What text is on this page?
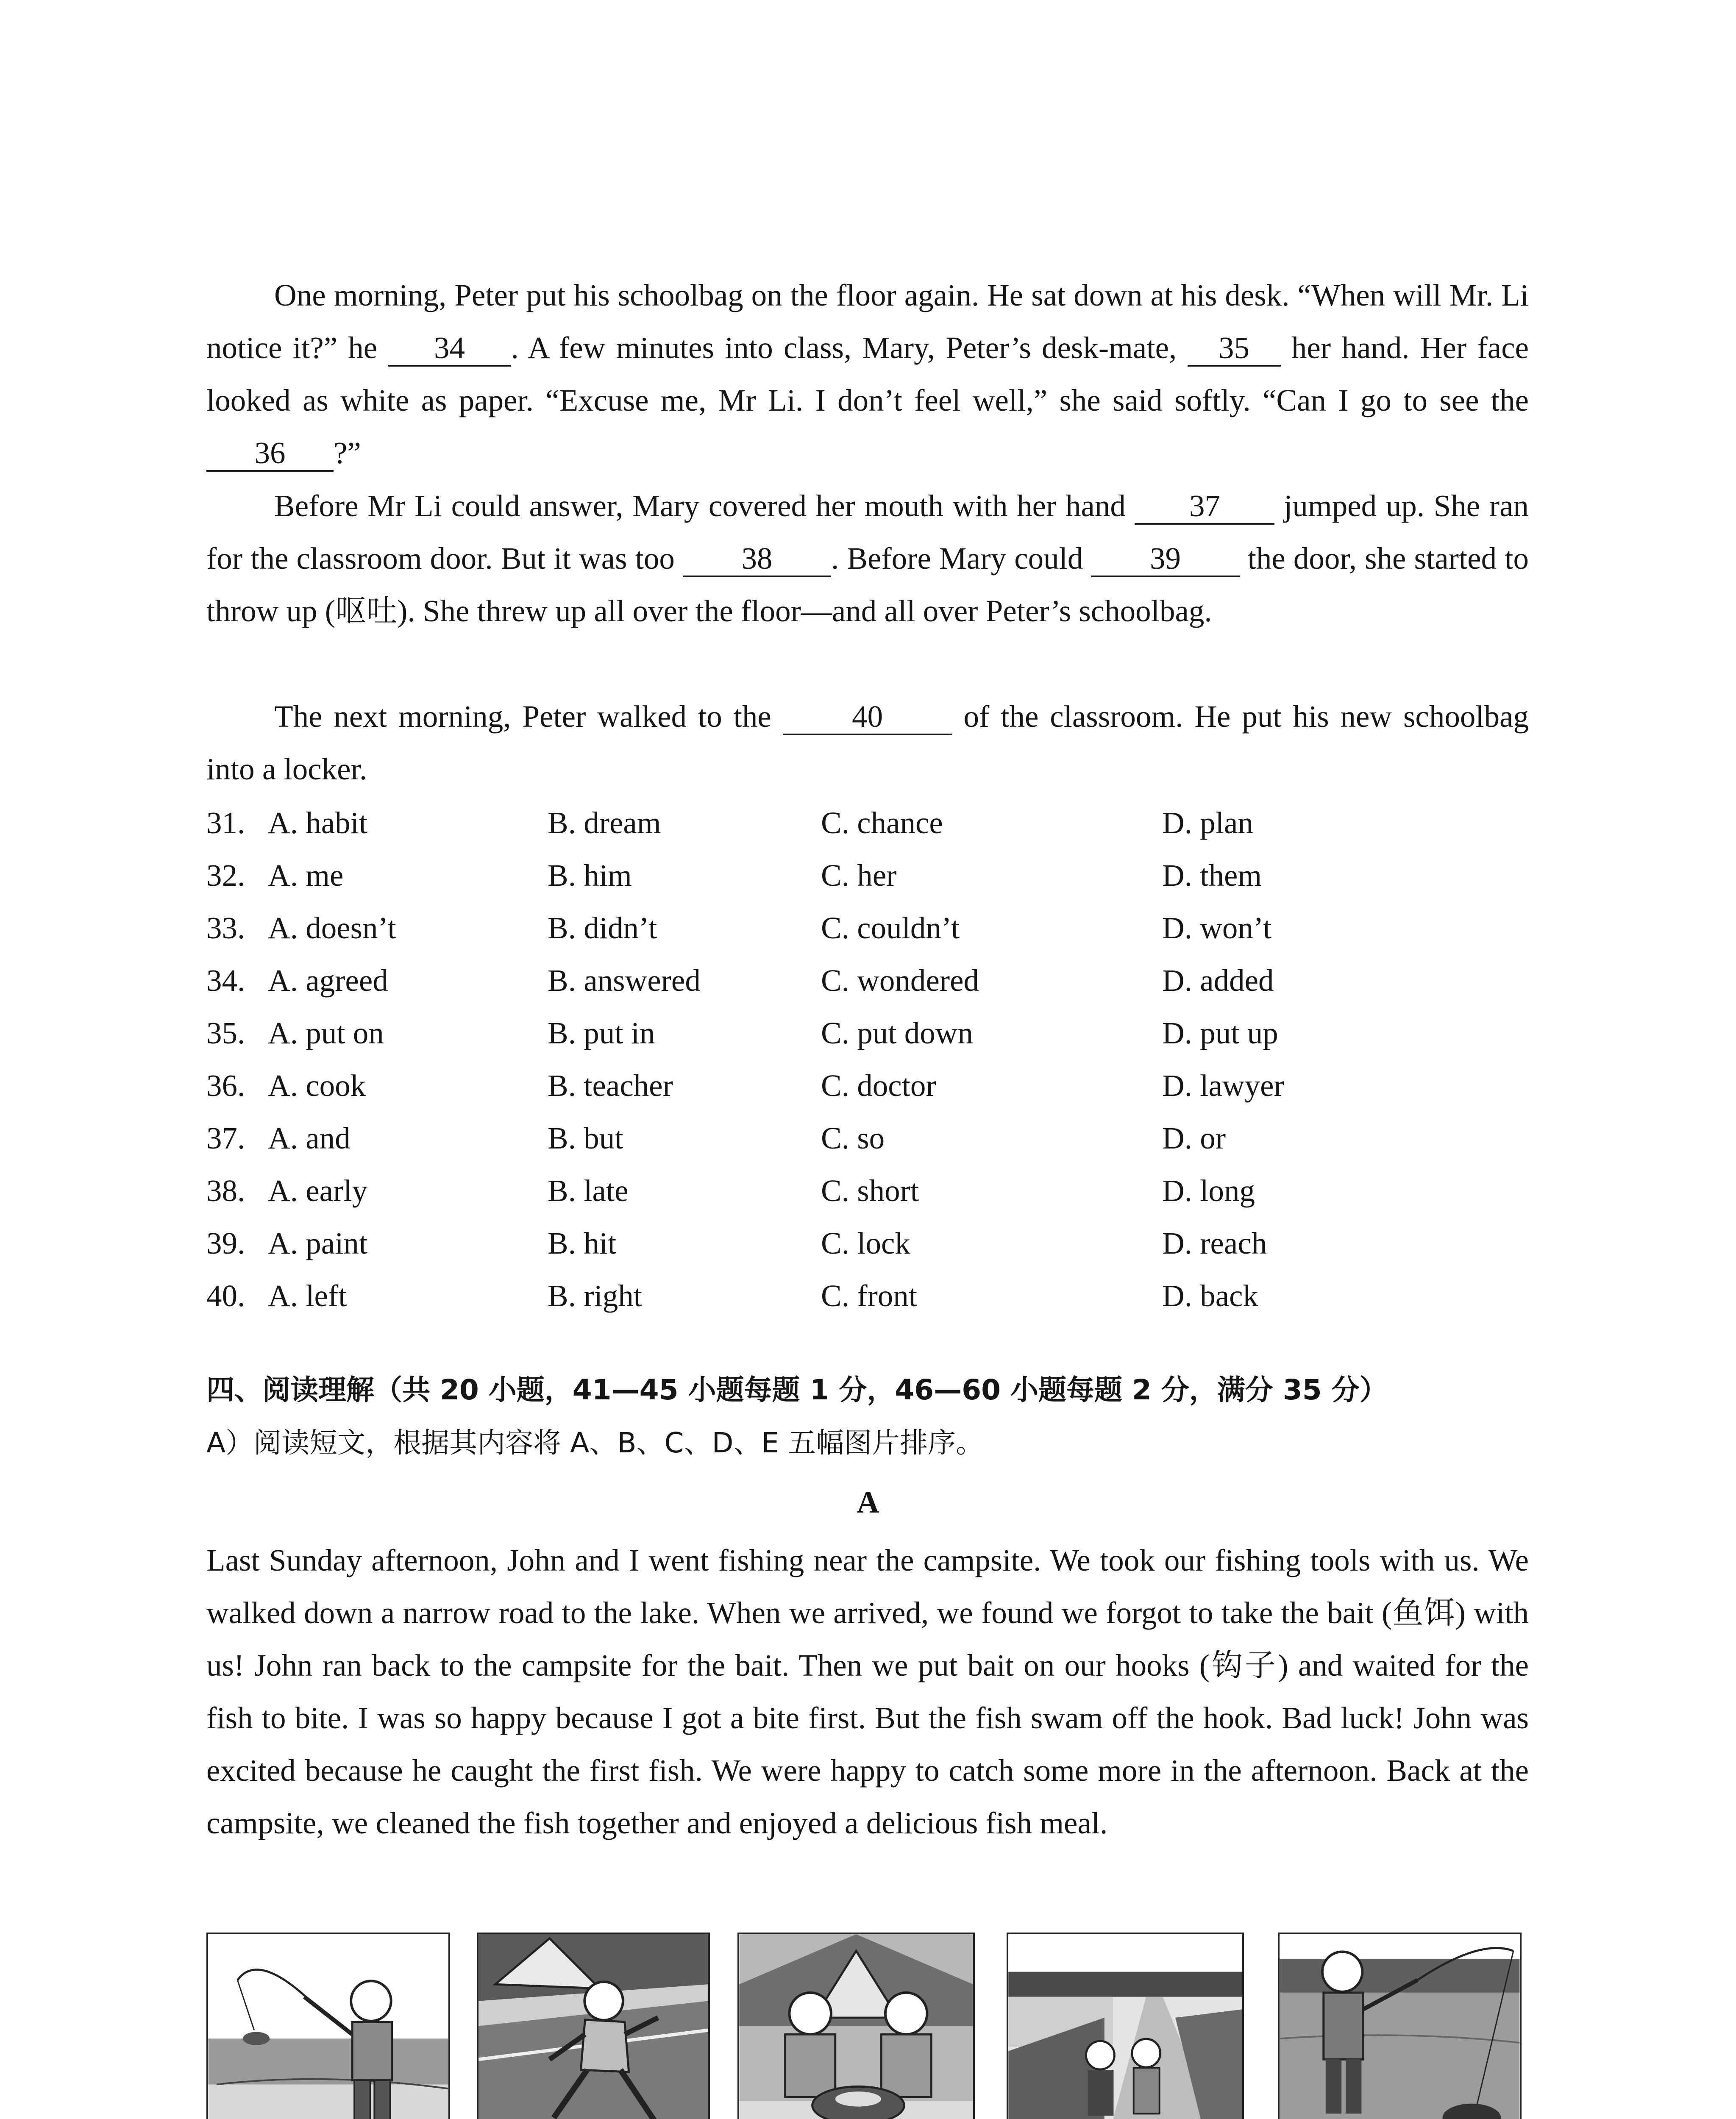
One morning, Peter put his schoolbag on the floor again. He sat down at his desk. “When will Mr. Li notice it?” he 34 . A few minutes into class, Mary, Peter’s desk-mate, 35 her hand. Her face looked as white as paper. “Excuse me, Mr Li. I don’t feel well,” she said softly. “Can I go to see the 36 ?”

Before Mr Li could answer, Mary covered her mouth with her hand 37 jumped up. She ran for the classroom door. But it was too 38 . Before Mary could 39 the door, she started to throw up (呕吐). She threw up all over the floor—and all over Peter’s schoolbag.

The next morning, Peter walked to the 40 of the classroom. He put his new schoolbag into a locker.

31. A. habit	B. dream	C. chance	D. plan
32. A. me	B. him	C. her	D. them
33. A. doesn’t	B. didn’t	C. couldn’t	D. won’t
34. A. agreed	B. answered	C. wondered	D. added
35. A. put on	B. put in	C. put down	D. put up
36. A. cook	B. teacher	C. doctor	D. lawyer
37. A. and	B. but	C. so	D. or
38. A. early	B. late	C. short	D. long
39. A. paint	B. hit	C. lock	D. reach
40. A. left	B. right	C. front	D. back
四、阅读理解（共 20 小题，41—45 小题每题 1 分，46—60 小题每题 2 分，满分 35 分）
A）阅读短文，根据其内容将 A、B、C、D、E 五幅图片排序。
A

Last Sunday afternoon, John and I went fishing near the campsite. We took our fishing tools with us. We walked down a narrow road to the lake. When we arrived, we found we forgot to take the bait (鱼饵) with us! John ran back to the campsite for the bait. Then we put bait on our hooks (钩子) and waited for the fish to bite. I was so happy because I got a bite first. But the fish swam off the hook. Bad luck! John was excited because he caught the first fish. We were happy to catch some more in the afternoon. Back at the campsite, we cleaned the fish together and enjoyed a delicious fish meal.
